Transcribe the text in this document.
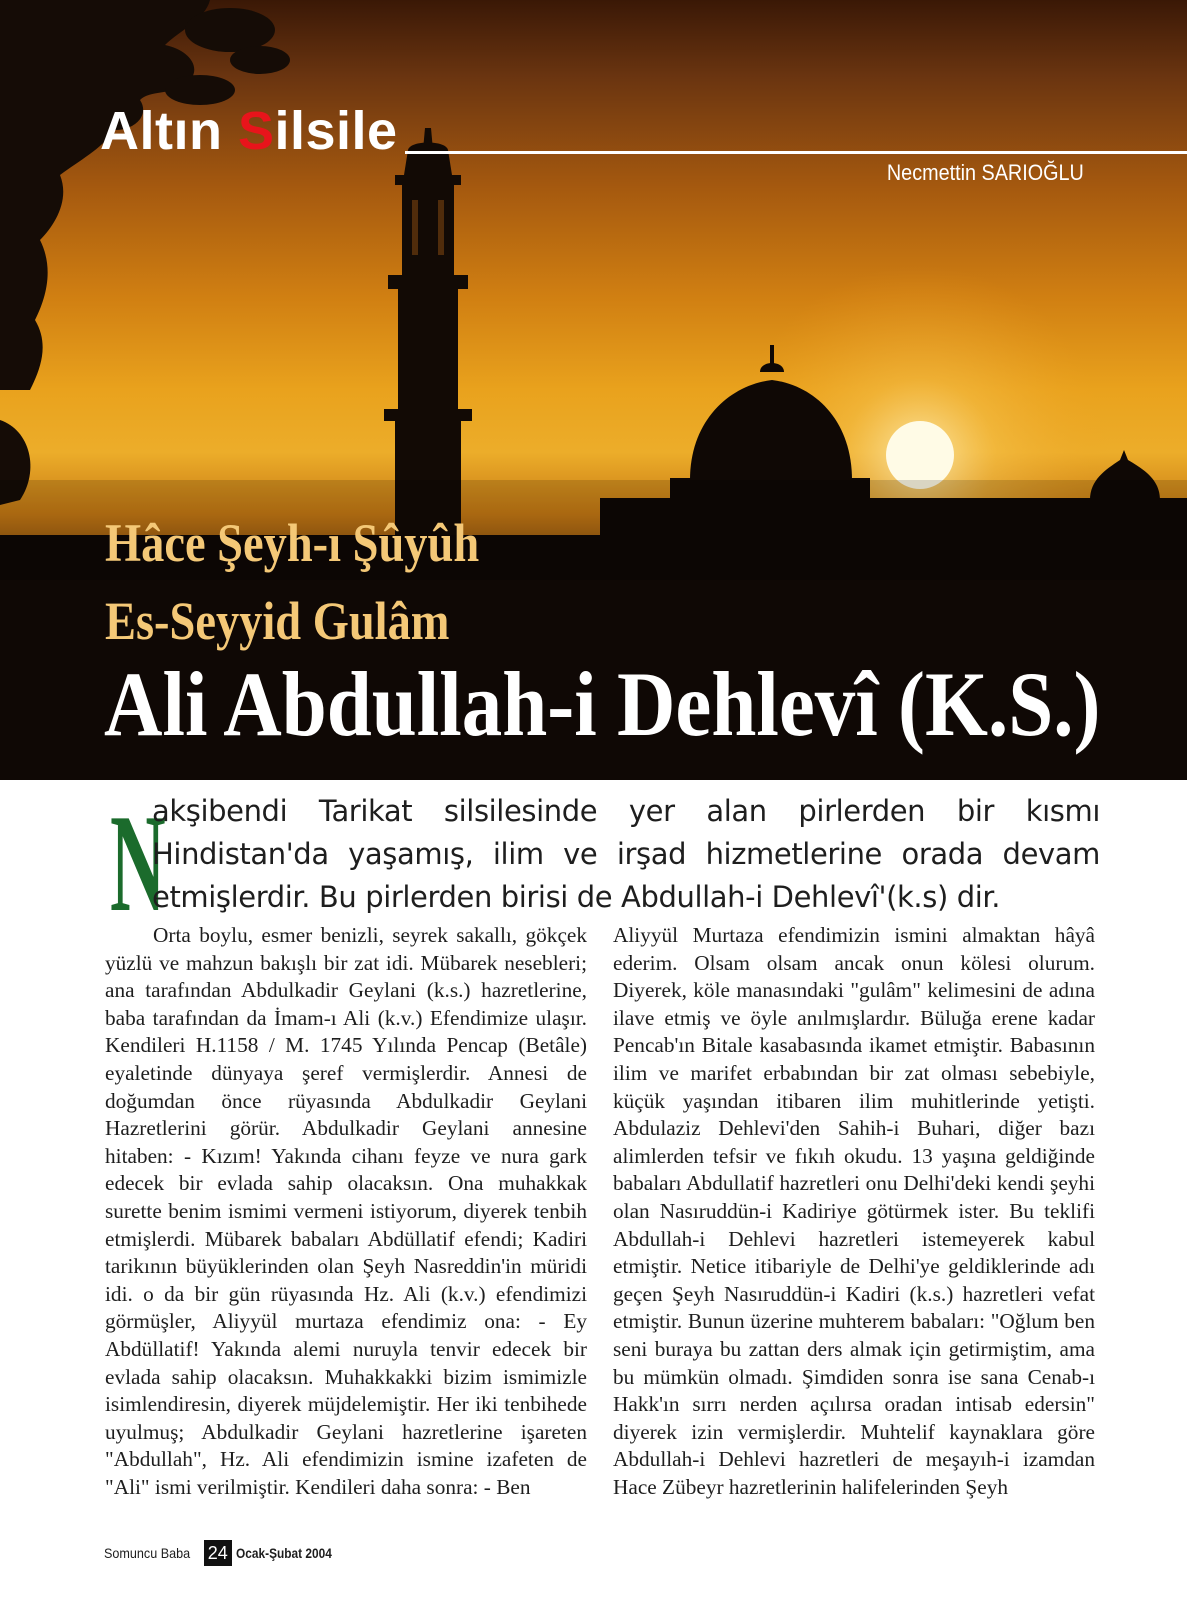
Altın Silsile
Necmettin SARIOĞLU
Hâce Şeyh-ı Şûyûh
Es-Seyyid Gulâm
Ali Abdullah-i Dehlevî (K.S.)
N

akşibendi Tarikat silsilesinde yer alan pirlerden bir kısmı Hindistan'da yaşamış, ilim ve irşad hizmetlerine orada devam etmişlerdir. Bu pirlerden birisi de Abdullah-i Dehlevî'(k.s) dir.

Orta boylu, esmer benizli, seyrek sakallı, gökçek yüzlü ve mahzun bakışlı bir zat idi. Mübarek nesebleri; ana tarafından Abdulkadir Geylani (k.s.) hazretlerine, baba tarafından da İmam-ı Ali (k.v.) Efendimize ulaşır. Kendileri H.1158 / M. 1745 Yılında Pencap (Betâle) eyaletinde dünyaya şeref vermişlerdir. Annesi de doğumdan önce rüyasında Abdulkadir Geylani Hazretlerini görür. Abdulkadir Geylani annesine hitaben: - Kızım! Yakında cihanı feyze ve nura gark edecek bir evlada sahip olacaksın. Ona muhakkak surette benim ismimi vermeni istiyorum, diyerek tenbih etmişlerdi. Mübarek babaları Abdüllatif efendi; Kadiri tarikının büyüklerinden olan Şeyh Nasreddin'in müridi idi. o da bir gün rüyasında Hz. Ali (k.v.) efendimizi görmüşler, Aliyyül murtaza efendimiz ona: - Ey Abdüllatif! Yakında alemi nuruyla tenvir edecek bir evlada sahip olacaksın. Muhakkakki bizim ismimizle isimlendiresin, diyerek müjdelemiştir. Her iki tenbihede uyulmuş; Abdulkadir Geylani hazretlerine işareten "Abdullah", Hz. Ali efendimizin ismine izafeten de "Ali" ismi verilmiştir. Kendileri daha sonra: - Ben

Aliyyül Murtaza efendimizin ismini almaktan hâyâ ederim. Olsam olsam ancak onun kölesi olurum. Diyerek, köle manasındaki "gulâm" kelimesini de adına ilave etmiş ve öyle anılmışlardır. Büluğa erene kadar Pencab'ın Bitale kasabasında ikamet etmiştir. Babasının ilim ve marifet erbabından bir zat olması sebebiyle, küçük yaşından itibaren ilim muhitlerinde yetişti. Abdulaziz Dehlevi'den Sahih-i Buhari, diğer bazı alimlerden tefsir ve fıkıh okudu. 13 yaşına geldiğinde babaları Abdullatif hazretleri onu Delhi'deki kendi şeyhi olan Nasıruddün-i Kadiriye götürmek ister. Bu teklifi Abdullah-i Dehlevi hazretleri istemeyerek kabul etmiştir. Netice itibariyle de Delhi'ye geldiklerinde adı geçen Şeyh Nasıruddün-i Kadiri (k.s.) hazretleri vefat etmiştir. Bunun üzerine muhterem babaları: "Oğlum ben seni buraya bu zattan ders almak için getirmiştim, ama bu mümkün olmadı. Şimdiden sonra ise sana Cenab-ı Hakk'ın sırrı nerden açılırsa oradan intisab edersin" diyerek izin vermişlerdir. Muhtelif kaynaklara göre Abdullah-i Dehlevi hazretleri de meşayıh-i izamdan Hace Zübeyr hazretlerinin halifelerinden Şeyh

Somuncu Baba 24 Ocak-Şubat 2004
